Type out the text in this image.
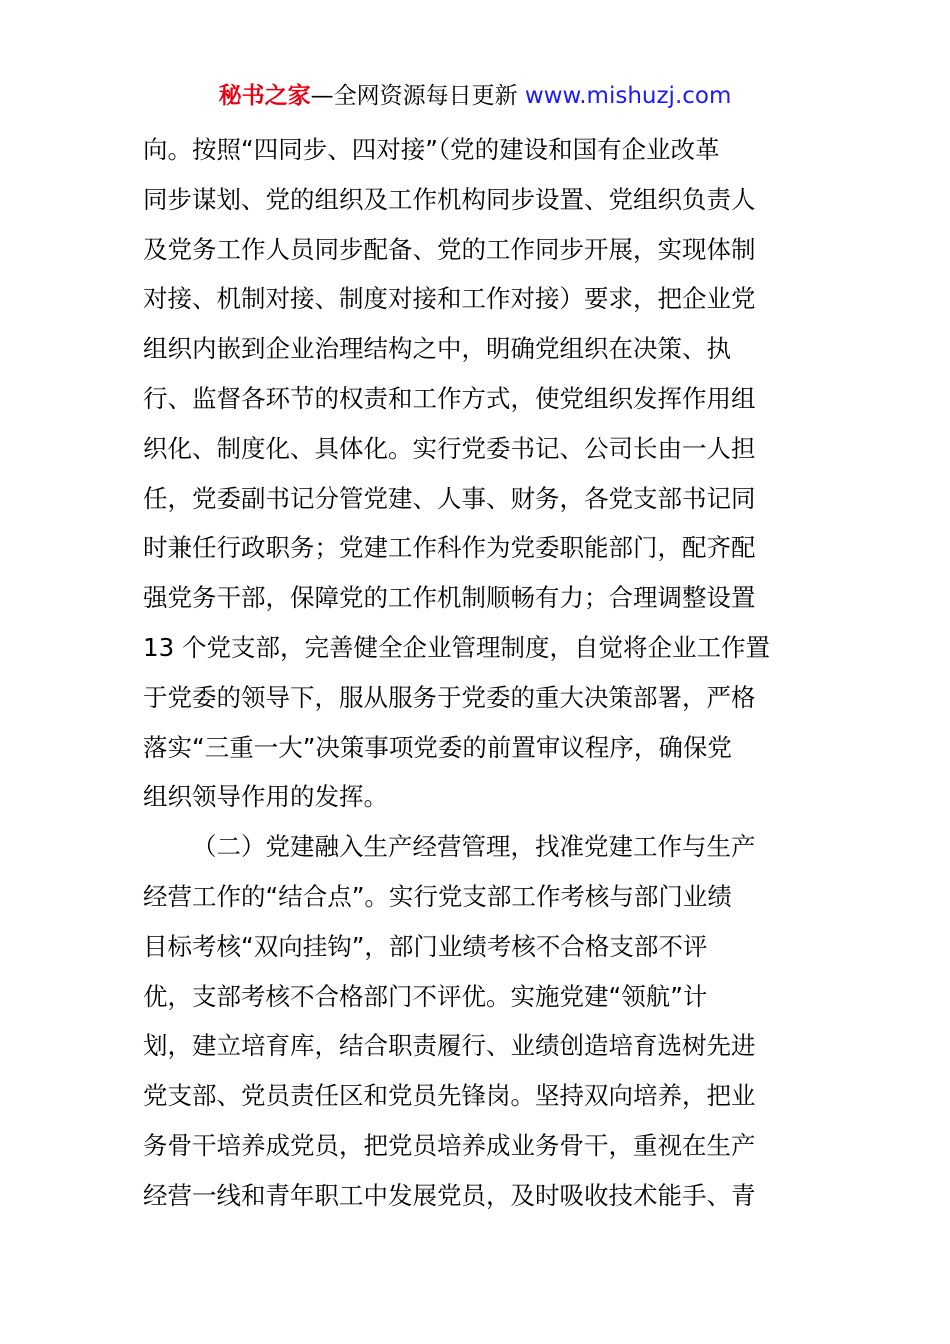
秘书之家—全网资源每日更新 www.mishuzj.com
向。按照“四同步、四对接”（党的建设和国有企业改革
同步谋划、党的组织及工作机构同步设置、党组织负责人
及党务工作人员同步配备、党的工作同步开展，实现体制
对接、机制对接、制度对接和工作对接）要求，把企业党
组织内嵌到企业治理结构之中，明确党组织在决策、执
行、监督各环节的权责和工作方式，使党组织发挥作用组
织化、制度化、具体化。实行党委书记、公司长由一人担
任，党委副书记分管党建、人事、财务，各党支部书记同
时兼任行政职务；党建工作科作为党委职能部门，配齐配
强党务干部，保障党的工作机制顺畅有力；合理调整设置
13 个党支部，完善健全企业管理制度，自觉将企业工作置
于党委的领导下，服从服务于党委的重大决策部署，严格
落实“三重一大”决策事项党委的前置审议程序，确保党
组织领导作用的发挥。
（二）党建融入生产经营管理，找准党建工作与生产
经营工作的“结合点”。实行党支部工作考核与部门业绩
目标考核“双向挂钩”，部门业绩考核不合格支部不评
优，支部考核不合格部门不评优。实施党建“领航”计
划，建立培育库，结合职责履行、业绩创造培育选树先进
党支部、党员责任区和党员先锋岗。坚持双向培养，把业
务骨干培养成党员，把党员培养成业务骨干，重视在生产
经营一线和青年职工中发展党员，及时吸收技术能手、青
